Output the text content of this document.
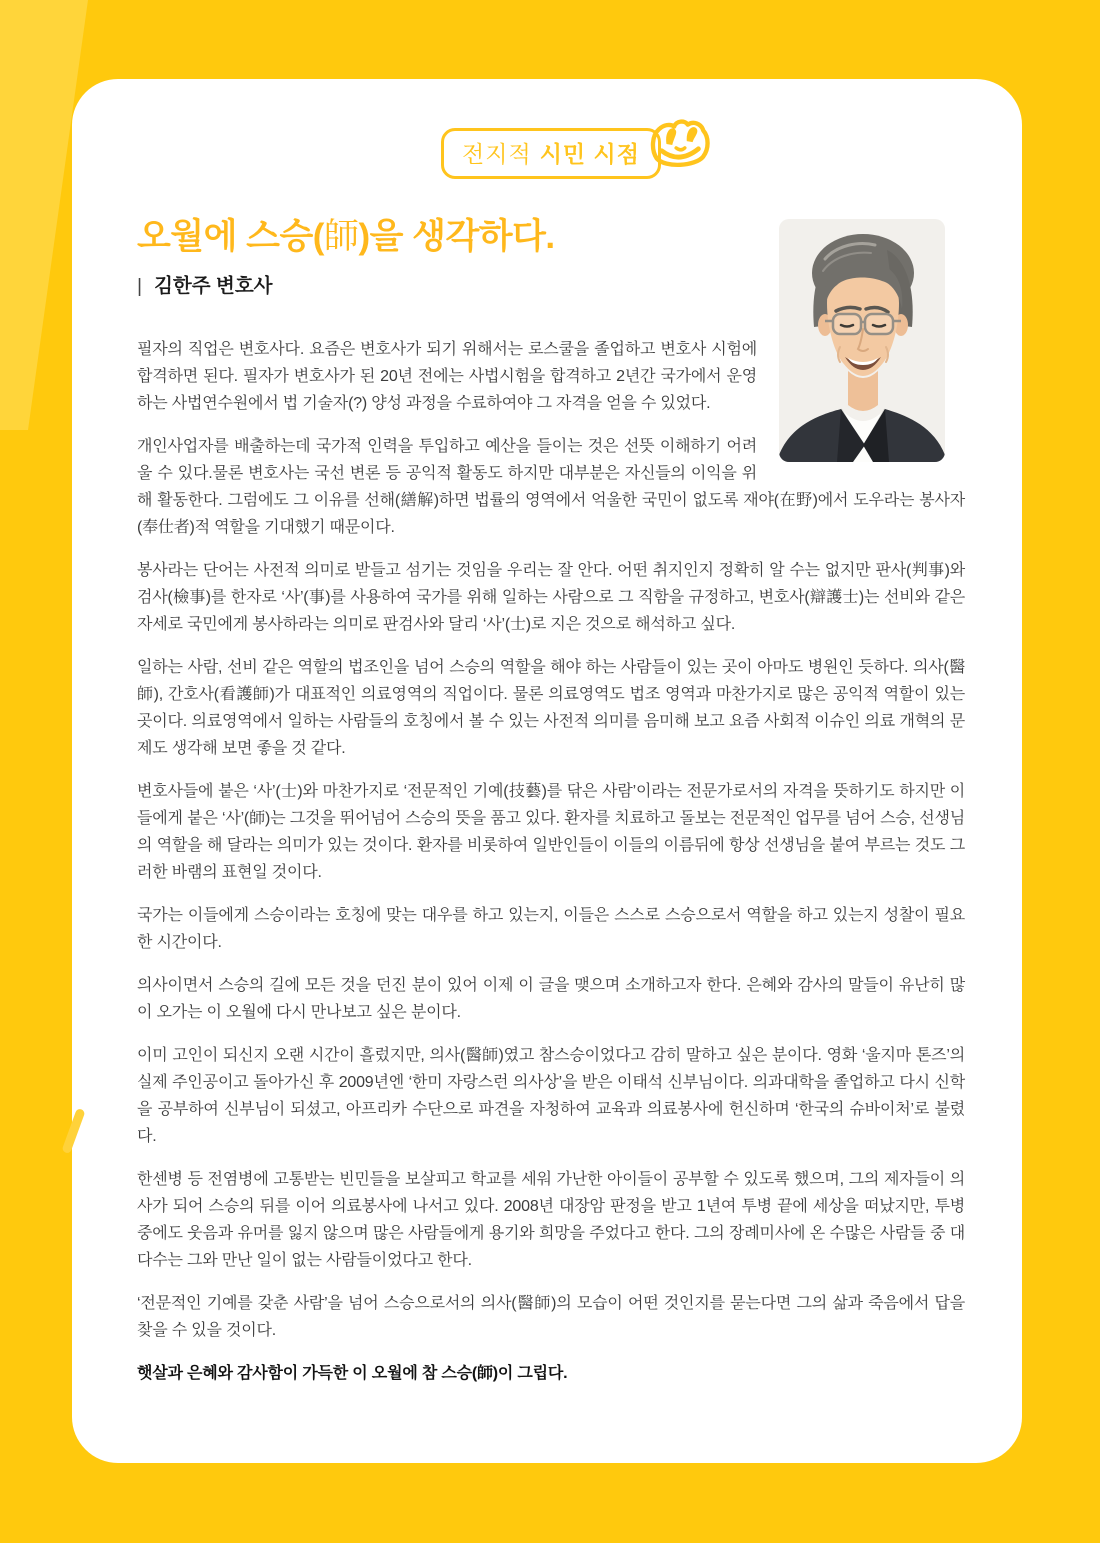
전지적 시민 시점
오월에 스승(師)을 생각하다.
| 김한주 변호사

필자의 직업은 변호사다. 요즘은 변호사가 되기 위해서는 로스쿨을 졸업하고 변호사 시험에 합격하면 된다. 필자가 변호사가 된 20년 전에는 사법시험을 합격하고 2년간 국가에서 운영하는 사법연수원에서 법 기술자(?) 양성 과정을 수료하여야 그 자격을 얻을 수 있었다.

개인사업자를 배출하는데 국가적 인력을 투입하고 예산을 들이는 것은 선뜻 이해하기 어려울 수 있다.물론 변호사는 국선 변론 등 공익적 활동도 하지만 대부분은 자신들의 이익을 위해 활동한다. 그럼에도 그 이유를 선해(繕解)하면 법률의 영역에서 억울한 국민이 없도록 재야(在野)에서 도우라는 봉사자(奉仕者)적 역할을 기대했기 때문이다.

봉사라는 단어는 사전적 의미로 받들고 섬기는 것임을 우리는 잘 안다. 어떤 취지인지 정확히 알 수는 없지만 판사(判事)와 검사(檢事)를 한자로 ‘사’(事)를 사용하여 국가를 위해 일하는 사람으로 그 직함을 규정하고, 변호사(辯護士)는 선비와 같은 자세로 국민에게 봉사하라는 의미로 판검사와 달리 ‘사’(士)로 지은 것으로 해석하고 싶다.

일하는 사람, 선비 같은 역할의 법조인을 넘어 스승의 역할을 해야 하는 사람들이 있는 곳이 아마도 병원인 듯하다. 의사(醫師), 간호사(看護師)가 대표적인 의료영역의 직업이다. 물론 의료영역도 법조 영역과 마찬가지로 많은 공익적 역할이 있는 곳이다. 의료영역에서 일하는 사람들의 호칭에서 볼 수 있는 사전적 의미를 음미해 보고 요즘 사회적 이슈인 의료 개혁의 문제도 생각해 보면 좋을 것 같다.

변호사들에 붙은 ‘사’(士)와 마찬가지로 ‘전문적인 기예(技藝)를 닦은 사람’이라는 전문가로서의 자격을 뜻하기도 하지만 이들에게 붙은 ‘사’(師)는 그것을 뛰어넘어 스승의 뜻을 품고 있다. 환자를 치료하고 돌보는 전문적인 업무를 넘어 스승, 선생님의 역할을 해 달라는 의미가 있는 것이다. 환자를 비롯하여 일반인들이 이들의 이름뒤에 항상 선생님을 붙여 부르는 것도 그러한 바램의 표현일 것이다.

국가는 이들에게 스승이라는 호칭에 맞는 대우를 하고 있는지, 이들은 스스로 스승으로서 역할을 하고 있는지 성찰이 필요한 시간이다.

의사이면서 스승의 길에 모든 것을 던진 분이 있어 이제 이 글을 맺으며 소개하고자 한다. 은혜와 감사의 말들이 유난히 많이 오가는 이 오월에 다시 만나보고 싶은 분이다.

이미 고인이 되신지 오랜 시간이 흘렀지만, 의사(醫師)였고 참스승이었다고 감히 말하고 싶은 분이다. 영화 ‘울지마 톤즈’의 실제 주인공이고 돌아가신 후 2009년엔 ‘한미 자랑스런 의사상’을 받은 이태석 신부님이다. 의과대학을 졸업하고 다시 신학을 공부하여 신부님이 되셨고, 아프리카 수단으로 파견을 자청하여 교육과 의료봉사에 헌신하며 ‘한국의 슈바이처’로 불렸다.

한센병 등 전염병에 고통받는 빈민들을 보살피고 학교를 세워 가난한 아이들이 공부할 수 있도록 했으며, 그의 제자들이 의사가 되어 스승의 뒤를 이어 의료봉사에 나서고 있다. 2008년 대장암 판정을 받고 1년여 투병 끝에 세상을 떠났지만, 투병 중에도 웃음과 유머를 잃지 않으며 많은 사람들에게 용기와 희망을 주었다고 한다. 그의 장례미사에 온 수많은 사람들 중 대다수는 그와 만난 일이 없는 사람들이었다고 한다.

‘전문적인 기예를 갖춘 사람’을 넘어 스승으로서의 의사(醫師)의 모습이 어떤 것인지를 묻는다면 그의 삶과 죽음에서 답을 찾을 수 있을 것이다.

햇살과 은혜와 감사함이 가득한 이 오월에 참 스승(師)이 그립다.
